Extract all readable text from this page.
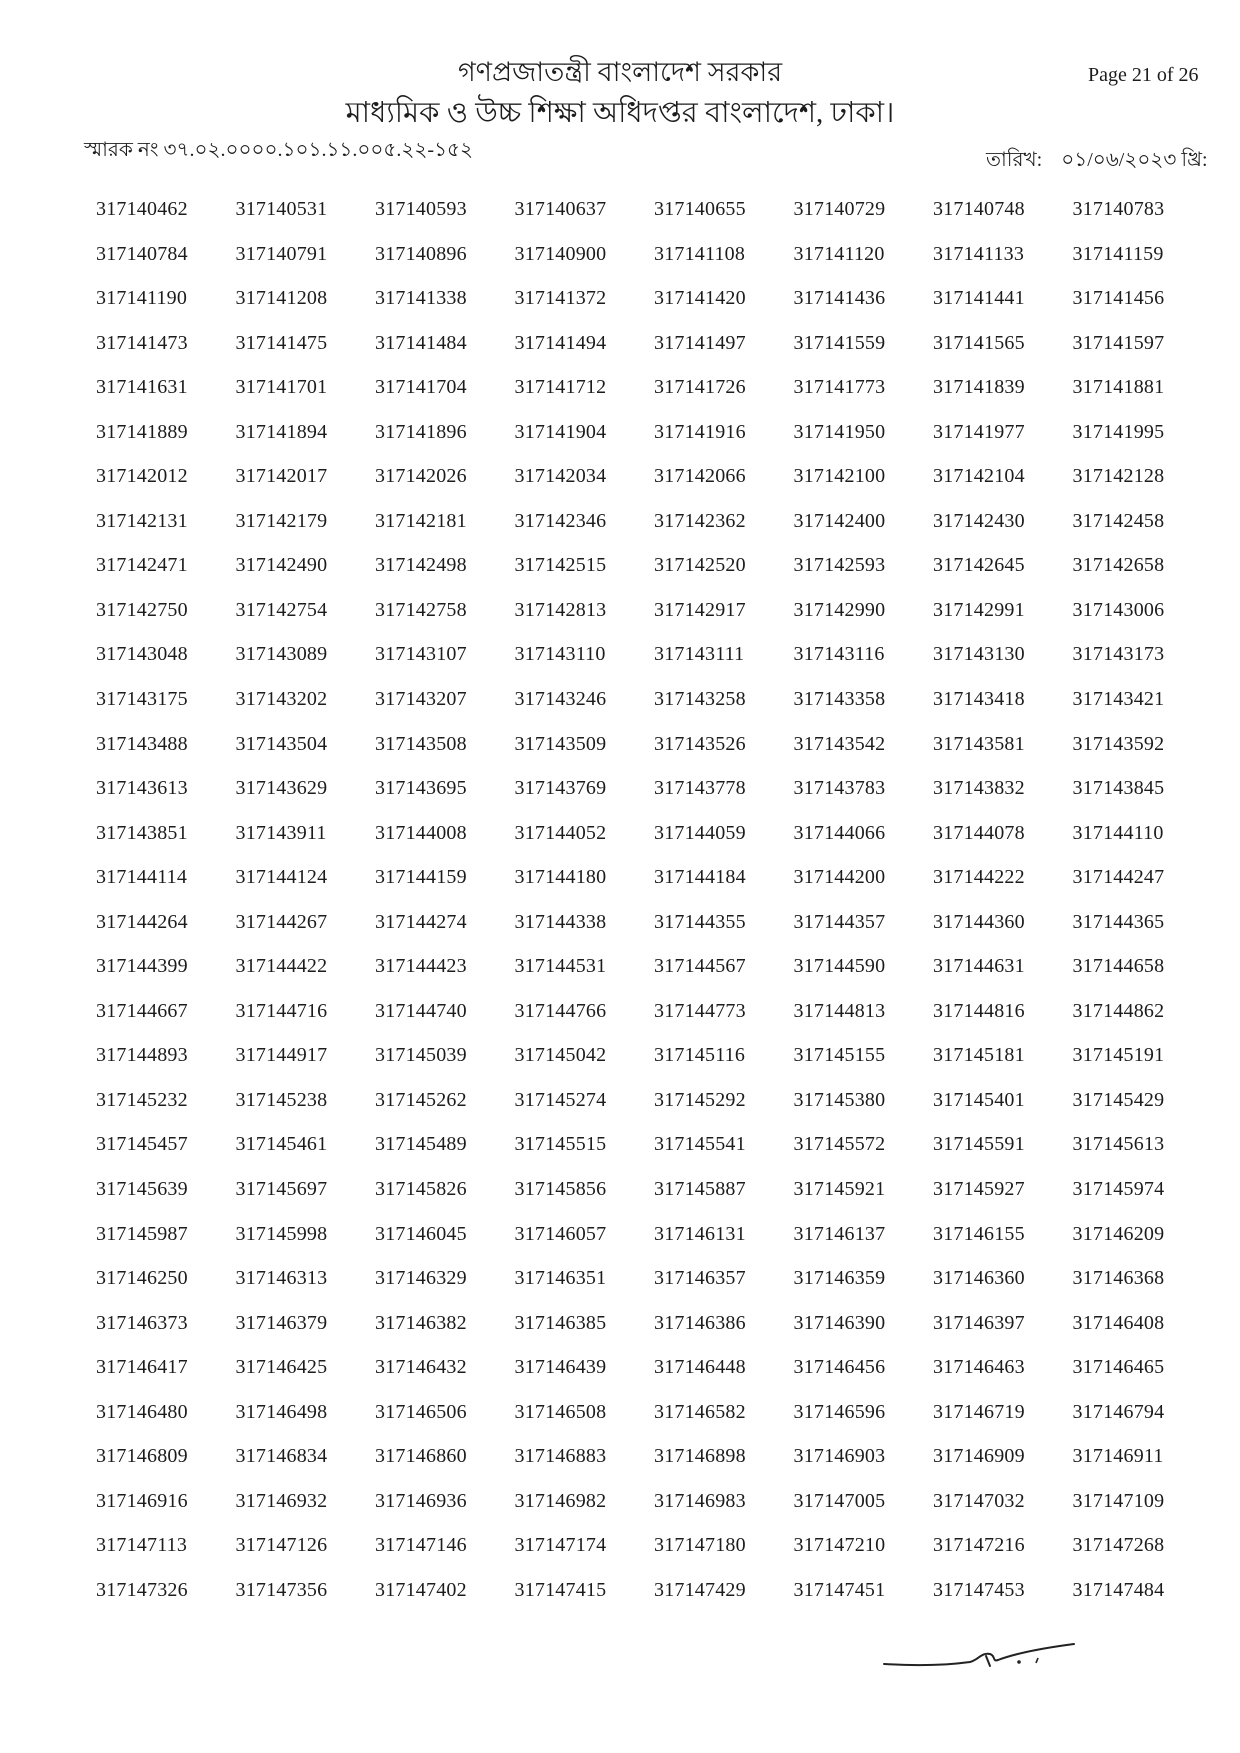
গণপ্রজাতন্ত্রী বাংলাদেশ সরকার
মাধ্যমিক ও উচ্চ শিক্ষা অধিদপ্তর বাংলাদেশ, ঢাকা।
Page 21 of 26
স্মারক নং ৩৭.০২.০০০০.১০১.১১.০০৫.২২-১৫২	তারিখ: ০১/০৬/২০২৩ খ্রি:
317140462	317140531	317140593	317140637	317140655	317140729	317140748	317140783
317140784	317140791	317140896	317140900	317141108	317141120	317141133	317141159
317141190	317141208	317141338	317141372	317141420	317141436	317141441	317141456
317141473	317141475	317141484	317141494	317141497	317141559	317141565	317141597
317141631	317141701	317141704	317141712	317141726	317141773	317141839	317141881
317141889	317141894	317141896	317141904	317141916	317141950	317141977	317141995
317142012	317142017	317142026	317142034	317142066	317142100	317142104	317142128
317142131	317142179	317142181	317142346	317142362	317142400	317142430	317142458
317142471	317142490	317142498	317142515	317142520	317142593	317142645	317142658
317142750	317142754	317142758	317142813	317142917	317142990	317142991	317143006
317143048	317143089	317143107	317143110	317143111	317143116	317143130	317143173
317143175	317143202	317143207	317143246	317143258	317143358	317143418	317143421
317143488	317143504	317143508	317143509	317143526	317143542	317143581	317143592
317143613	317143629	317143695	317143769	317143778	317143783	317143832	317143845
317143851	317143911	317144008	317144052	317144059	317144066	317144078	317144110
317144114	317144124	317144159	317144180	317144184	317144200	317144222	317144247
317144264	317144267	317144274	317144338	317144355	317144357	317144360	317144365
317144399	317144422	317144423	317144531	317144567	317144590	317144631	317144658
317144667	317144716	317144740	317144766	317144773	317144813	317144816	317144862
317144893	317144917	317145039	317145042	317145116	317145155	317145181	317145191
317145232	317145238	317145262	317145274	317145292	317145380	317145401	317145429
317145457	317145461	317145489	317145515	317145541	317145572	317145591	317145613
317145639	317145697	317145826	317145856	317145887	317145921	317145927	317145974
317145987	317145998	317146045	317146057	317146131	317146137	317146155	317146209
317146250	317146313	317146329	317146351	317146357	317146359	317146360	317146368
317146373	317146379	317146382	317146385	317146386	317146390	317146397	317146408
317146417	317146425	317146432	317146439	317146448	317146456	317146463	317146465
317146480	317146498	317146506	317146508	317146582	317146596	317146719	317146794
317146809	317146834	317146860	317146883	317146898	317146903	317146909	317146911
317146916	317146932	317146936	317146982	317146983	317147005	317147032	317147109
317147113	317147126	317147146	317147174	317147180	317147210	317147216	317147268
317147326	317147356	317147402	317147415	317147429	317147451	317147453	317147484
